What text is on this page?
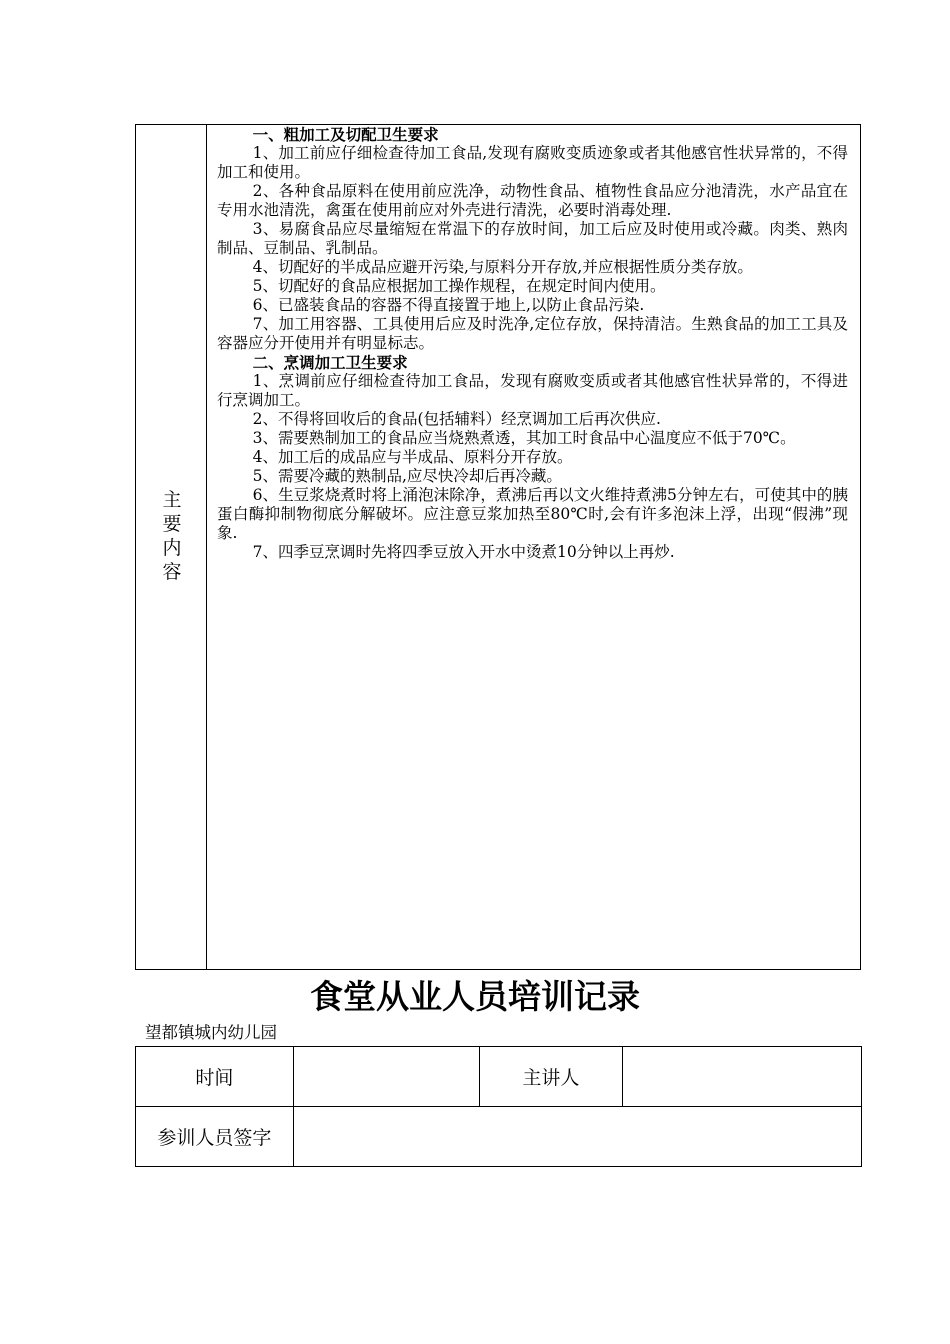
主要内容

一、粗加工及切配卫生要求

1、加工前应仔细检查待加工食品,发现有腐败变质迹象或者其他感官性状异常的，不得加工和使用。

2、各种食品原料在使用前应洗净，动物性食品、植物性食品应分池清洗，水产品宜在专用水池清洗，禽蛋在使用前应对外壳进行清洗，必要时消毒处理.

3、易腐食品应尽量缩短在常温下的存放时间，加工后应及时使用或冷藏。肉类、熟肉制品、豆制品、乳制品。

4、切配好的半成品应避开污染,与原料分开存放,并应根据性质分类存放。

5、切配好的食品应根据加工操作规程，在规定时间内使用。

6、已盛装食品的容器不得直接置于地上,以防止食品污染.

7、加工用容器、工具使用后应及时洗净,定位存放，保持清洁。生熟食品的加工工具及容器应分开使用并有明显标志。

二、烹调加工卫生要求

1、烹调前应仔细检查待加工食品，发现有腐败变质或者其他感官性状异常的，不得进行烹调加工。

2、不得将回收后的食品(包括辅料）经烹调加工后再次供应.

3、需要熟制加工的食品应当烧熟煮透，其加工时食品中心温度应不低于70℃。

4、加工后的成品应与半成品、原料分开存放。

5、需要冷藏的熟制品,应尽快冷却后再冷藏。

6、生豆浆烧煮时将上涌泡沫除净，煮沸后再以文火维持煮沸5分钟左右，可使其中的胰蛋白酶抑制物彻底分解破坏。应注意豆浆加热至80℃时,会有许多泡沫上浮，出现“假沸”现象.

7、四季豆烹调时先将四季豆放入开水中烫煮10分钟以上再炒.

食堂从业人员培训记录
望都镇城内幼儿园
时间		主讲人	
参训人员签字			
